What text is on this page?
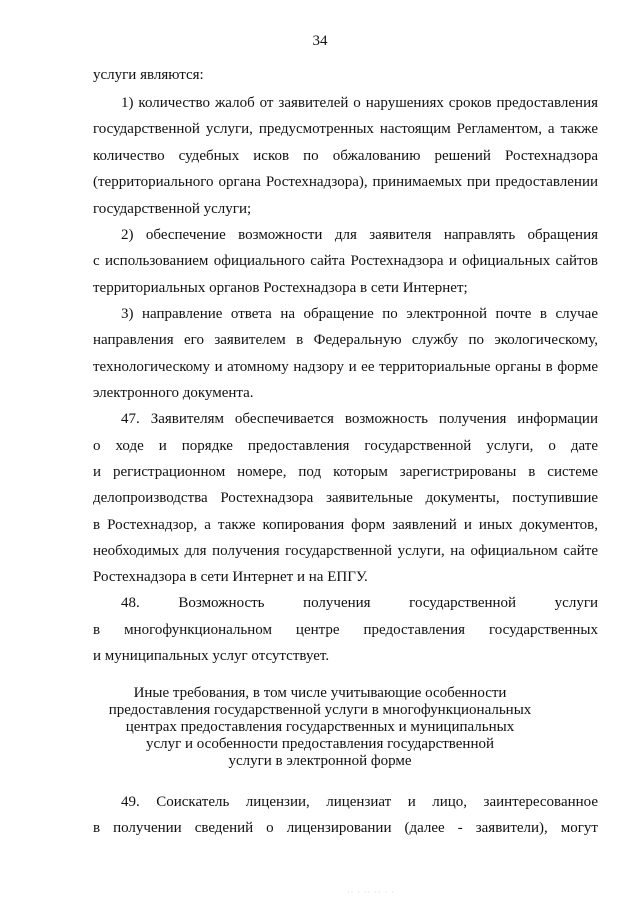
34
услуги являются:
1) количество жалоб от заявителей о нарушениях сроков предоставления
государственной услуги, предусмотренных настоящим Регламентом, а также
количество судебных исков по обжалованию решений Ростехнадзора
(территориального органа Ростехнадзора), принимаемых при предоставлении
государственной услуги;
2) обеспечение возможности для заявителя направлять обращения
с использованием официального сайта Ростехнадзора и официальных сайтов
территориальных органов Ростехнадзора в сети Интернет;
3) направление ответа на обращение по электронной почте в случае
направления его заявителем в Федеральную службу по экологическому,
технологическому и атомному надзору и ее территориальные органы в форме
электронного документа.
47. Заявителям обеспечивается возможность получения информации
о ходе и порядке предоставления государственной услуги, о дате
и регистрационном номере, под которым зарегистрированы в системе
делопроизводства Ростехнадзора заявительные документы, поступившие
в Ростехнадзор, а также копирования форм заявлений и иных документов,
необходимых для получения государственной услуги, на официальном сайте
Ростехнадзора в сети Интернет и на ЕПГУ.
48. Возможность получения государственной услуги
в многофункциональном центре предоставления государственных
и муниципальных услуг отсутствует.
49. Соискатель лицензии, лицензиат и лицо, заинтересованное
в получении сведений о лицензировании (далее - заявители), могут
Иные требования, в том числе учитывающие особенности
предоставления государственной услуги в многофункциональных
центрах предоставления государственных и муниципальных
услуг и особенности предоставления государственной
услуги в электронной форме
·· · ·· ·· · ·
